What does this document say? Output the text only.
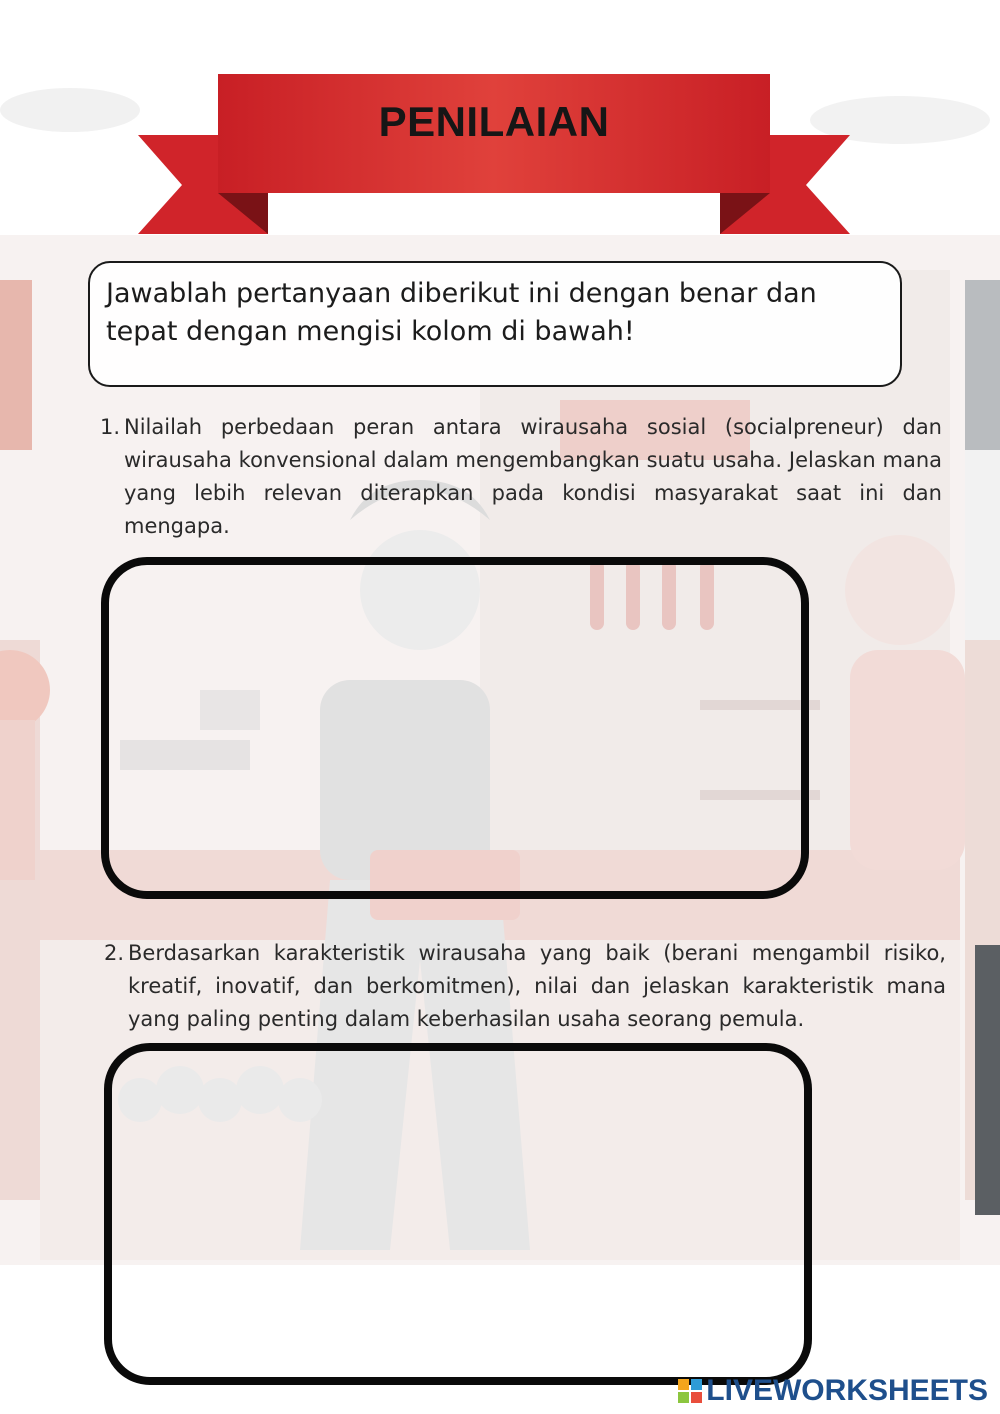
PENILAIAN
Jawablah pertanyaan diberikut ini dengan benar dan tepat dengan mengisi kolom di bawah!
1. Nilailah perbedaan peran antara wirausaha sosial (socialpreneur) dan wirausaha konvensional dalam mengembangkan suatu usaha. Jelaskan mana yang lebih relevan diterapkan pada kondisi masyarakat saat ini dan mengapa.
2. Berdasarkan karakteristik wirausaha yang baik (berani mengambil risiko, kreatif, inovatif, dan berkomitmen), nilai dan jelaskan karakteristik mana yang paling penting dalam keberhasilan usaha seorang pemula.
LIVEWORKSHEETS
